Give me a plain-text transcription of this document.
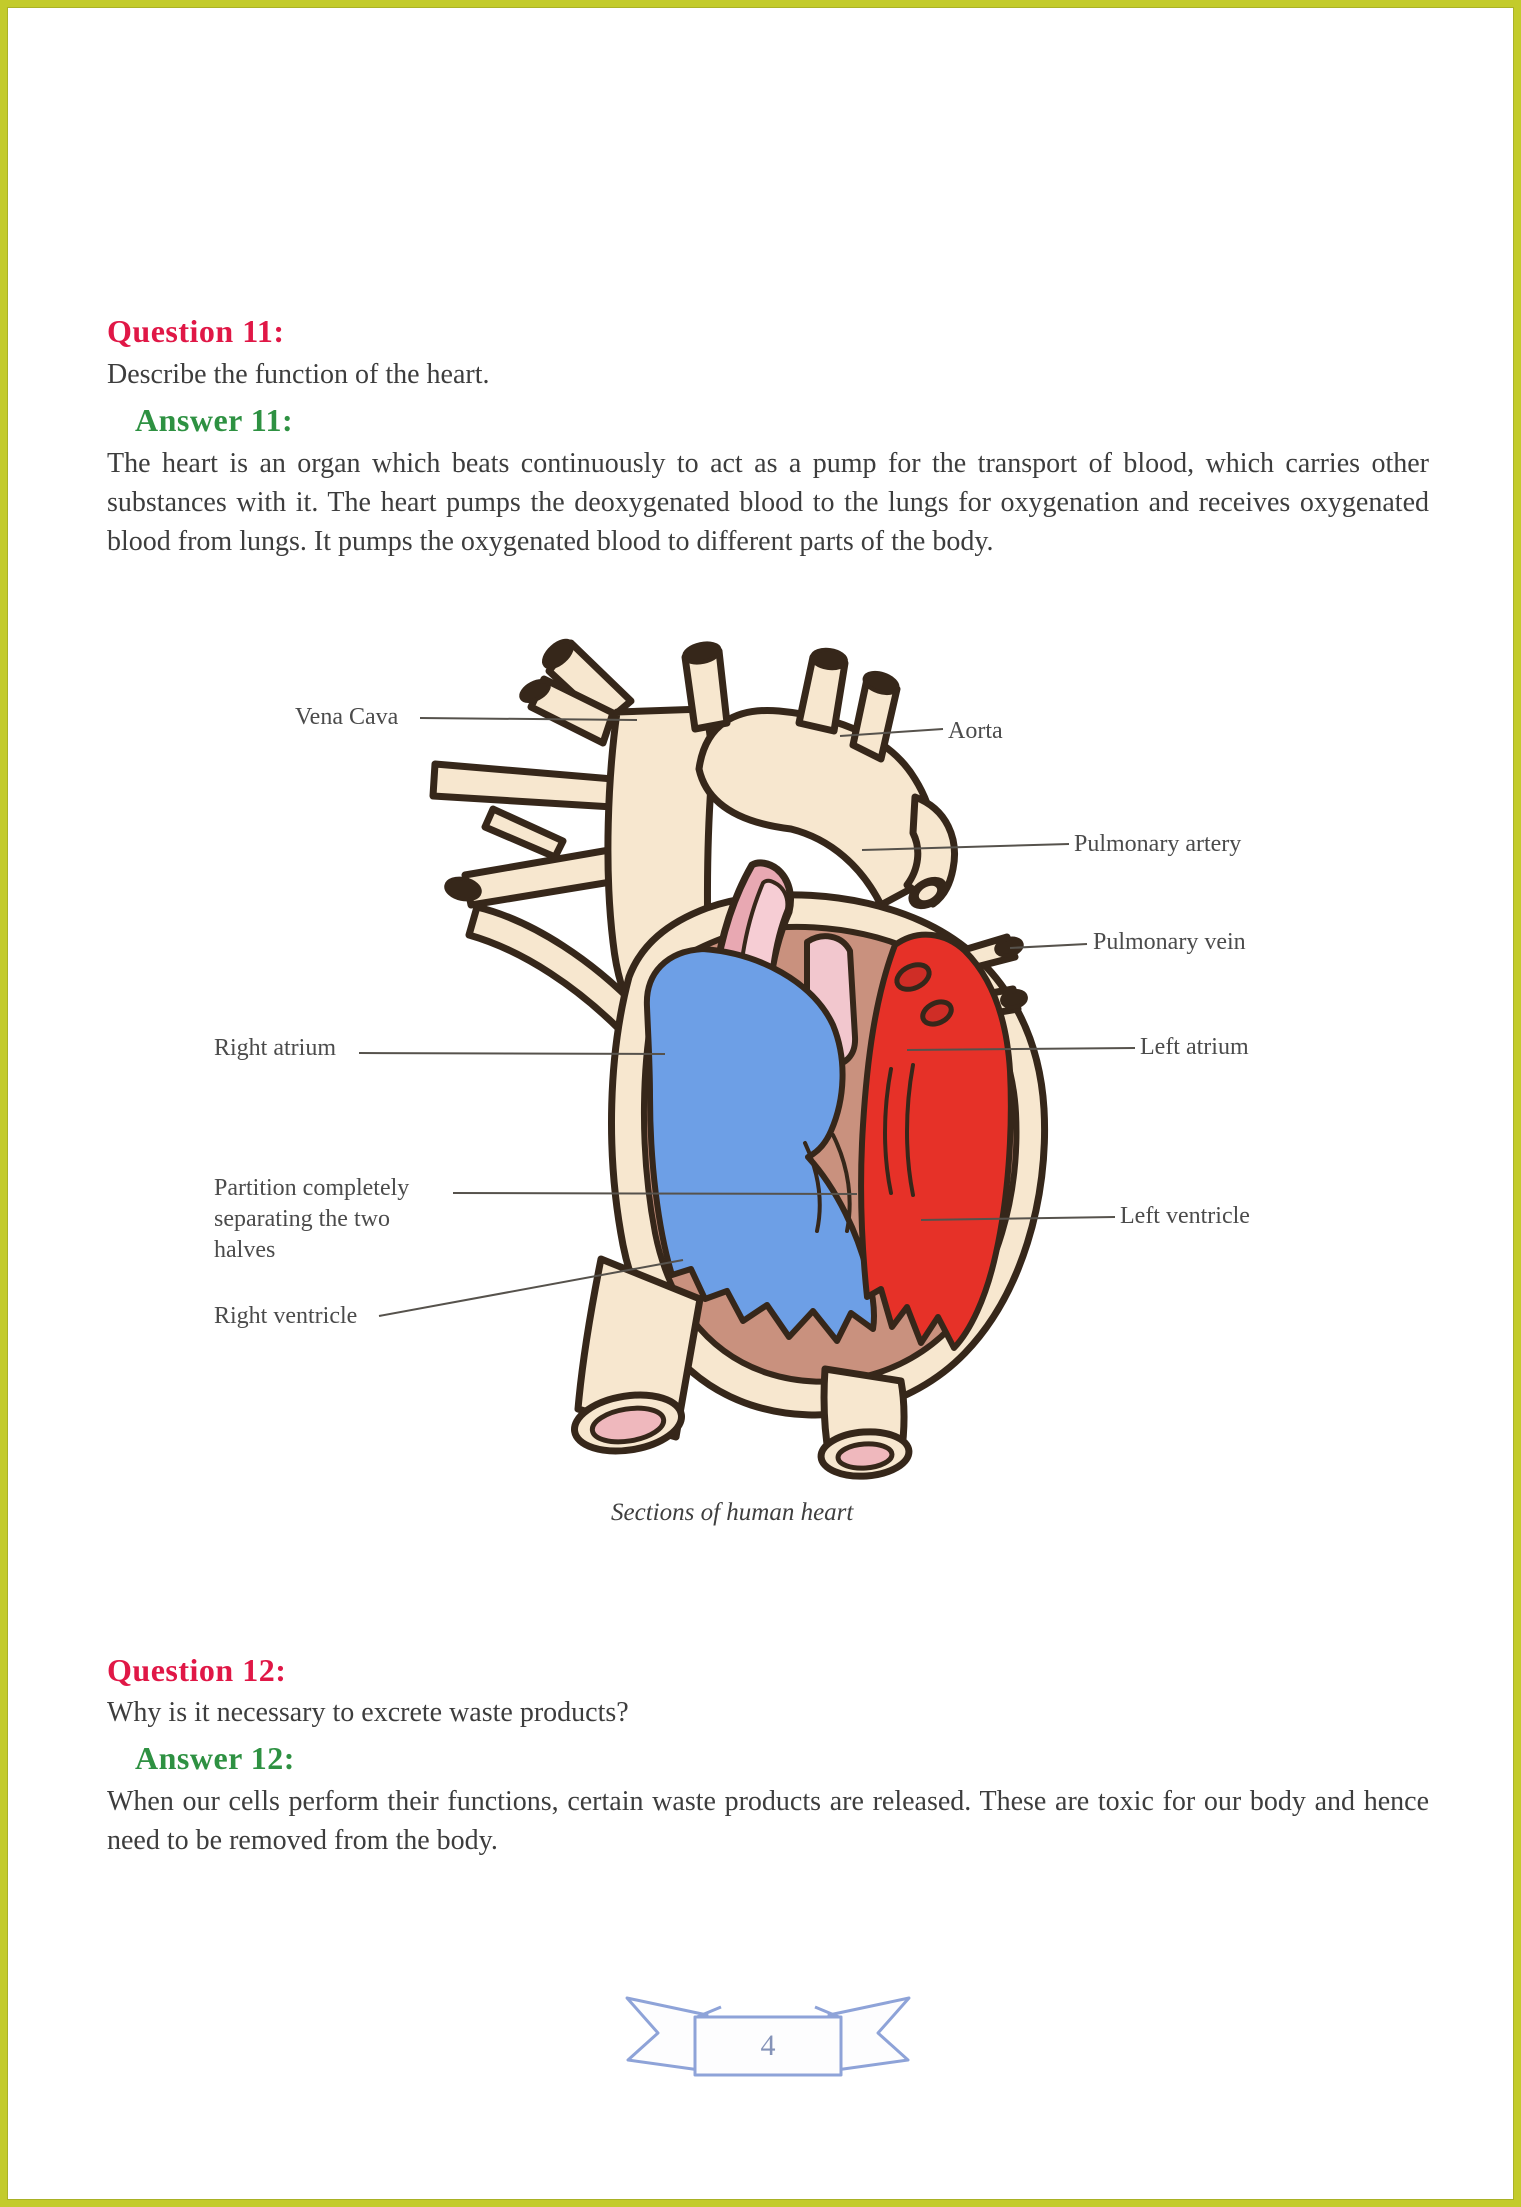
Question 11:
Describe the function of the heart.
Answer 11:
The heart is an organ which beats continuously to act as a pump for the transport of blood, which carries other substances with it. The heart pumps the deoxygenated blood to the lungs for oxygenation and receives oxygenated blood from lungs. It pumps the oxygenated blood to different parts of the body.
Vena Cava
Right atrium
Partition completely separating the two halves
Right ventricle
Aorta
Pulmonary artery
Pulmonary vein
Left atrium
Left ventricle
Sections of human heart
Question 12:
Why is it necessary to excrete waste products?
Answer 12:
When our cells perform their functions, certain waste products are released. These are toxic for our body and hence need to be removed from the body.
4
